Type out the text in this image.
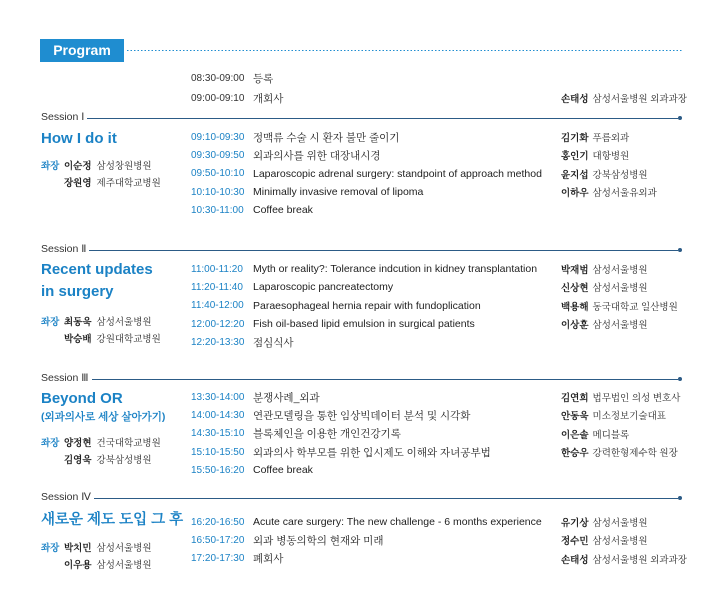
Program
08:30-09:00 등록
09:00-09:10 개회사	손태성 삼성서울병원 외과과장
Session Ⅰ
How I do it
좌장 이순정 삼성창원병원
장원영 제주대학교병원
09:10-09:30 정맥류 수술 시 환자 불만 줄이기	김기화 푸름외과
09:30-09:50 외과의사를 위한 대장내시경	홍인기 대항병원
09:50-10:10 Laparoscopic adrenal surgery: standpoint of approach method	윤지섭 강북삼성병원
10:10-10:30 Minimally invasive removal of lipoma	이하우 삼성서울유외과
10:30-11:00 Coffee break
Session Ⅱ
Recent updates
in surgery
좌장 최동욱 삼성서울병원
박승배 강원대학교병원
11:00-11:20 Myth or reality?: Tolerance indcution in kidney transplantation	박재범 삼성서울병원
11:20-11:40 Laparoscopic pancreatectomy	신상현 삼성서울병원
11:40-12:00 Paraesophageal hernia repair with fundoplication	백용해 동국대학교 일산병원
12:00-12:20 Fish oil-based lipid emulsion in surgical patients	이상훈 삼성서울병원
12:20-13:30 점심식사
Session Ⅲ
Beyond OR
(외과의사로 세상 살아가기)
좌장 양정현 건국대학교병원
김영욱 강북삼성병원
13:30-14:00 분쟁사례_외과	김연희 법무법인 의성 변호사
14:00-14:30 연관모델링을 통한 임상빅데이터 분석 및 시각화	안동욱 미소정보기술대표
14:30-15:10 블록체인을 이용한 개인건강기록	이은솔 메디블록
15:10-15:50 외과의사 학부모를 위한 입시제도 이해와 자녀공부법	한승우 강력한형제수학 원장
15:50-16:20 Coffee break
Session Ⅳ
새로운 제도 도입 그 후
좌장 박치민 삼성서울병원
이우용 삼성서울병원
16:20-16:50 Acute care surgery: The new challenge - 6 months experience	유기상 삼성서울병원
16:50-17:20 외과 병동의학의 현재와 미래	정수민 삼성서울병원
17:20-17:30 폐회사	손태성 삼성서울병원 외과과장
